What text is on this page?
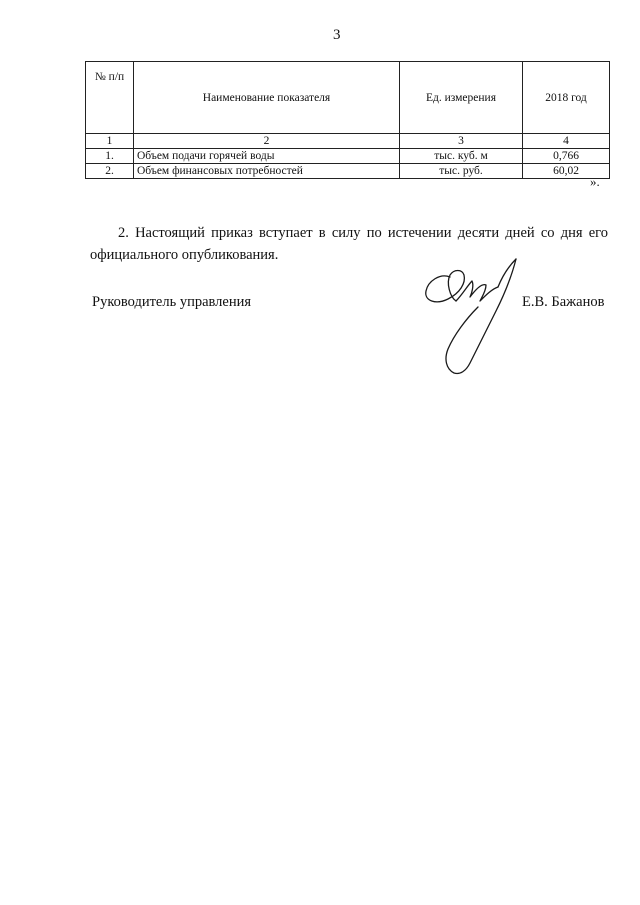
3
№ п/п	Наименование показателя	Ед. измерения	2018 год
1	2	3	4
1.	Объем подачи горячей воды	тыс. куб. м	0,766
2.	Объем финансовых потребностей	тыс. руб.	60,02
».

2. Настоящий приказ вступает в силу по истечении десяти дней со дня его официального опубликования.

Руководитель управления	Е.В. Бажанов
